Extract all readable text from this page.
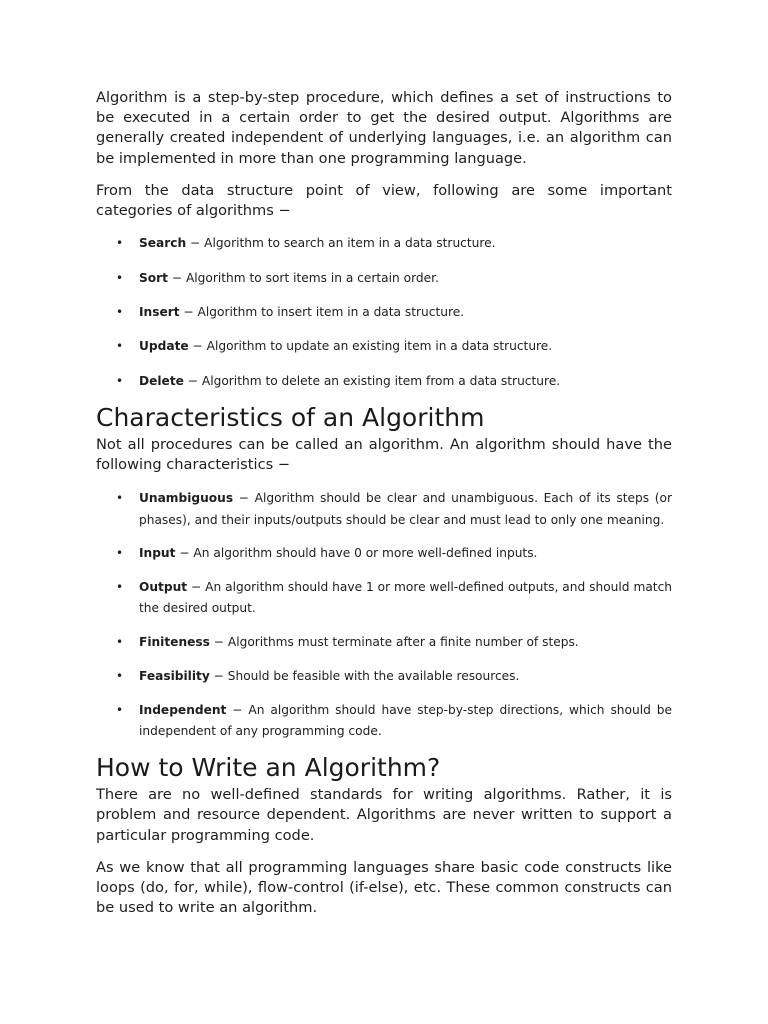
Algorithm is a step-by-step procedure, which defines a set of instructions to be executed in a certain order to get the desired output. Algorithms are generally created independent of underlying languages, i.e. an algorithm can be implemented in more than one programming language.

From the data structure point of view, following are some important categories of algorithms −

• Search − Algorithm to search an item in a data structure.
• Sort − Algorithm to sort items in a certain order.
• Insert − Algorithm to insert item in a data structure.
• Update − Algorithm to update an existing item in a data structure.
• Delete − Algorithm to delete an existing item from a data structure.
Characteristics of an Algorithm

Not all procedures can be called an algorithm. An algorithm should have the following characteristics −

• Unambiguous − Algorithm should be clear and unambiguous. Each of its steps (or phases), and their inputs/outputs should be clear and must lead to only one meaning.
• Input − An algorithm should have 0 or more well-defined inputs.
• Output − An algorithm should have 1 or more well-defined outputs, and should match the desired output.
• Finiteness − Algorithms must terminate after a finite number of steps.
• Feasibility − Should be feasible with the available resources.
• Independent − An algorithm should have step-by-step directions, which should be independent of any programming code.
How to Write an Algorithm?

There are no well-defined standards for writing algorithms. Rather, it is problem and resource dependent. Algorithms are never written to support a particular programming code.

As we know that all programming languages share basic code constructs like loops (do, for, while), flow-control (if-else), etc. These common constructs can be used to write an algorithm.
